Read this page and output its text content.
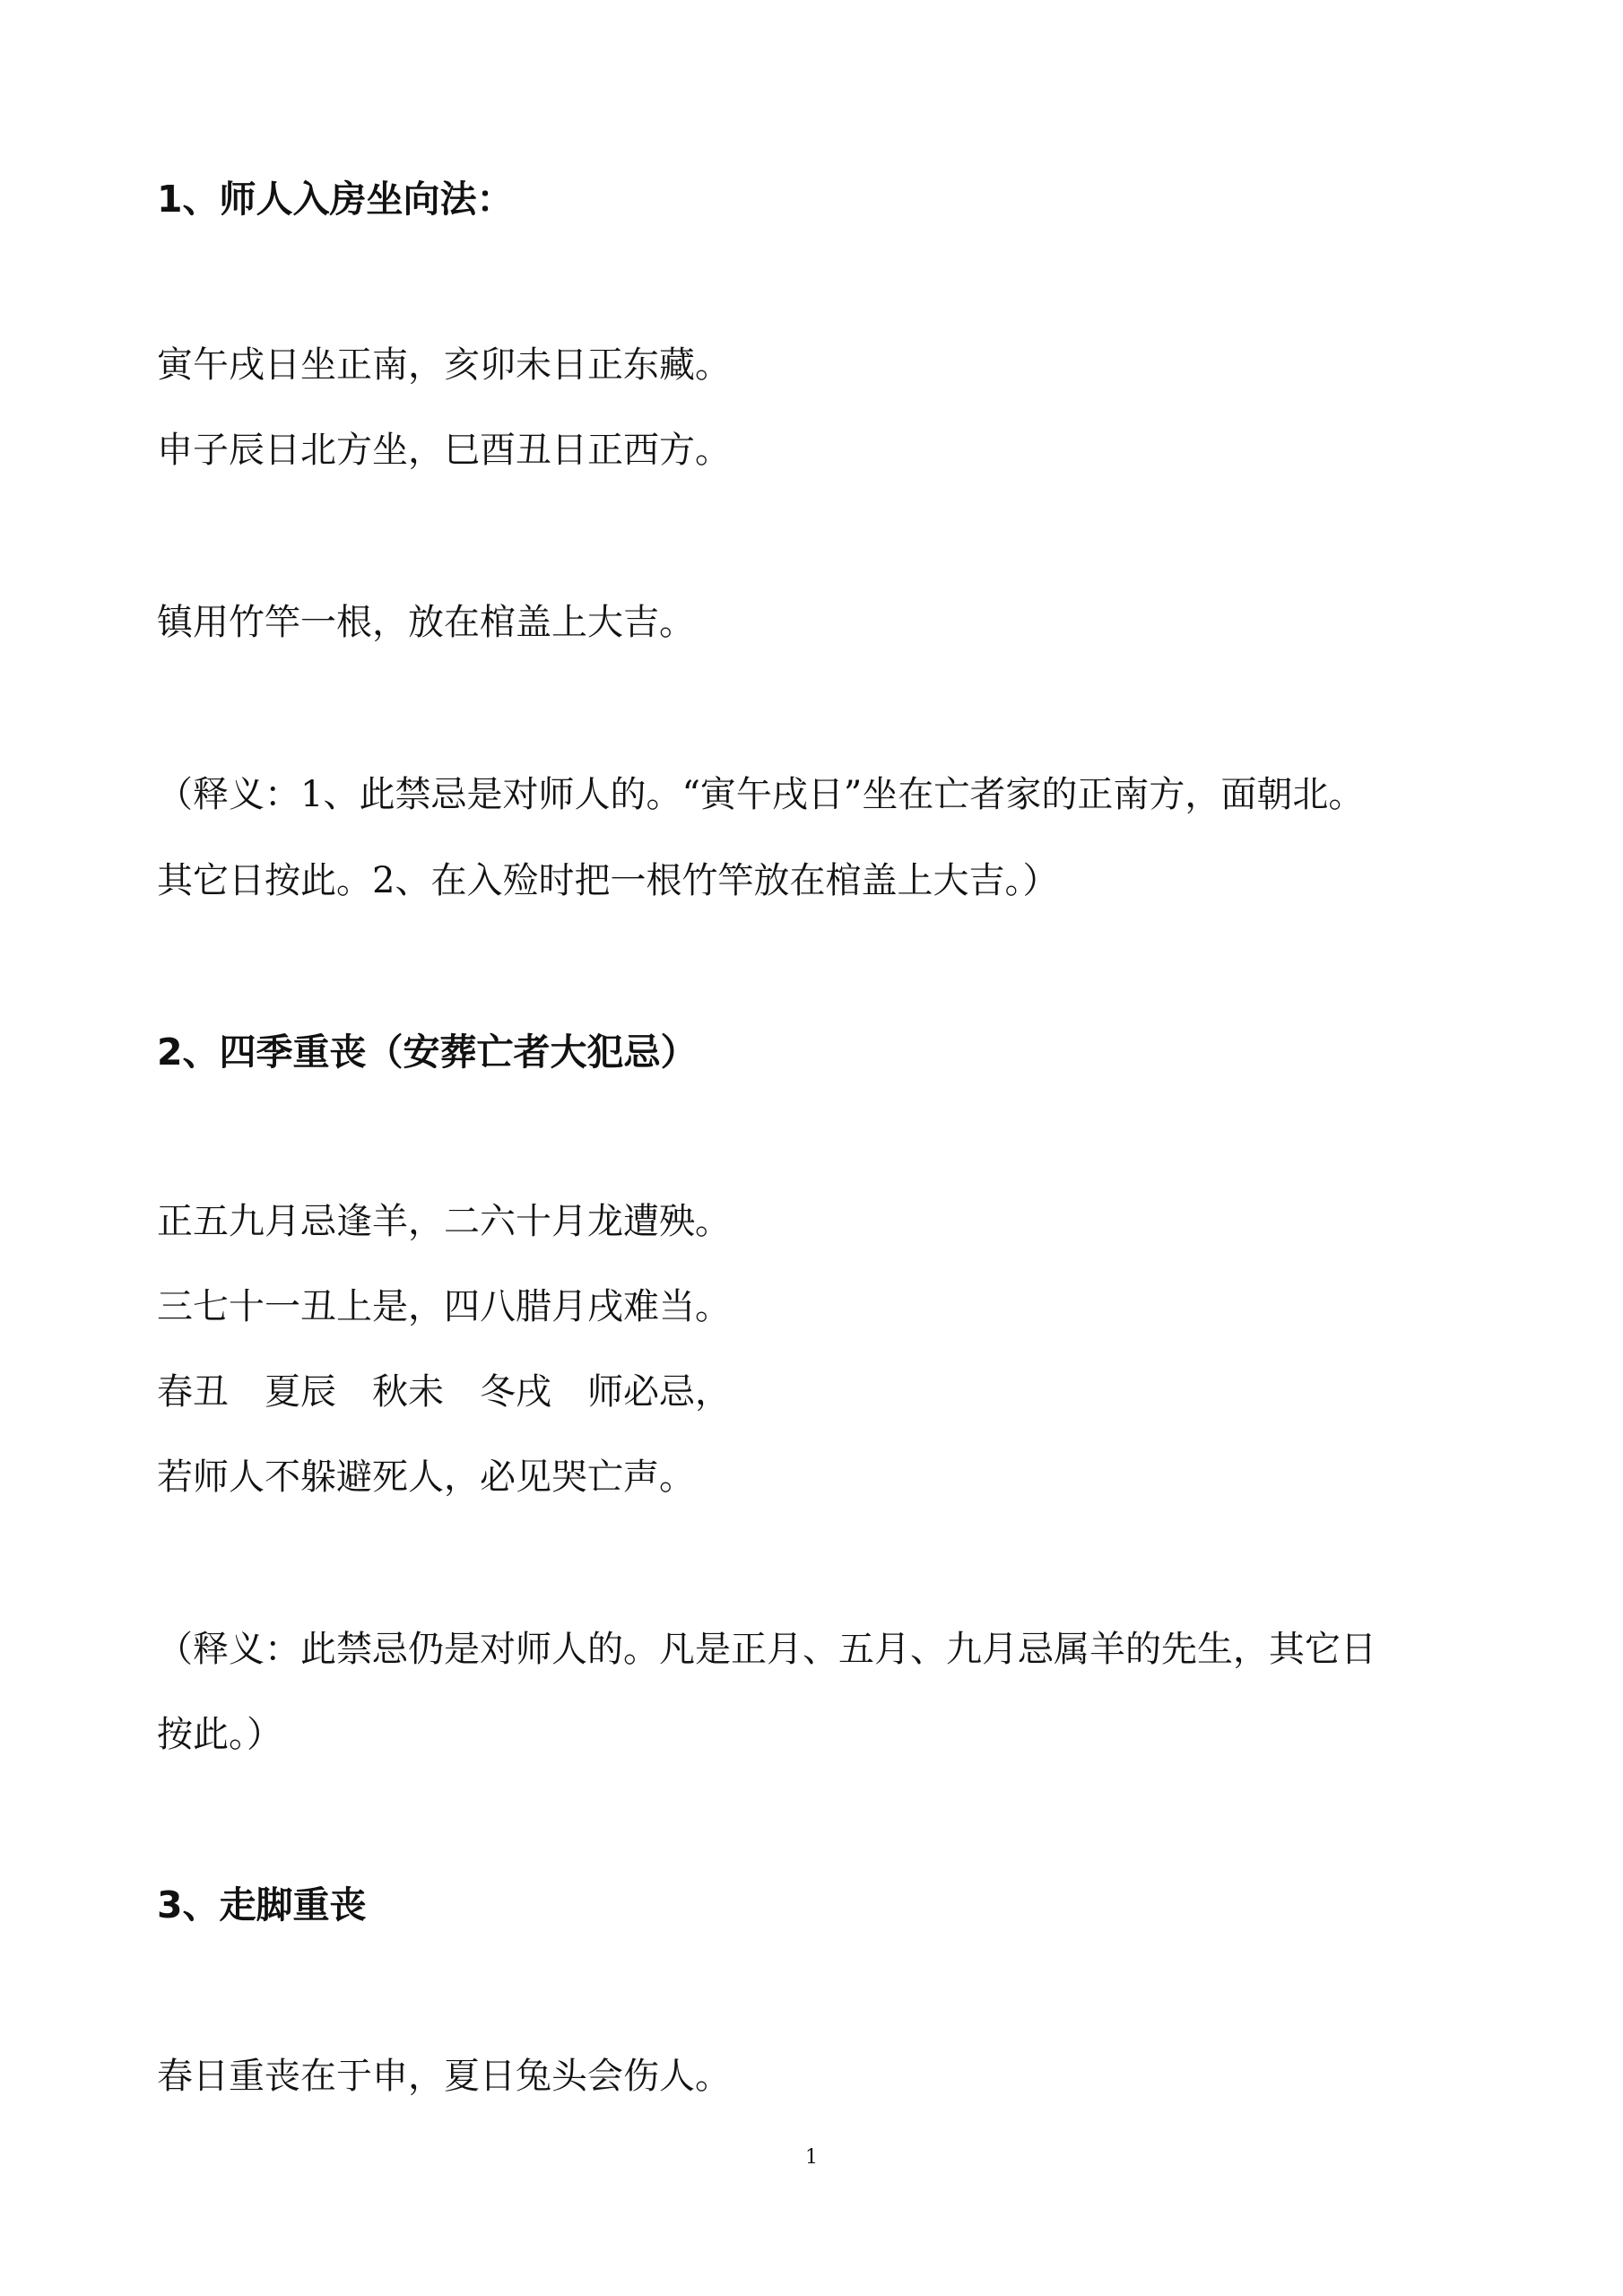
1、师人入房坐向法：
寅午戌日坐正南，亥卯未日正东藏。
申子辰日北方坐，巳酉丑日正西方。
镇用竹竿一根，放在棺盖上大吉。
（释义：1、此禁忌是对师人的。“寅午戌日”坐在亡者家的正南方，面朝北。
其它日按此。2、在入殓时把一根竹竿放在棺盖上大吉。）
2、四季重丧（安葬亡者大犯忌）
正五九月忌逢羊，二六十月龙遭殃。
三七十一丑上是，四八腊月戌难当。
春丑　夏辰　秋未　冬戌　师必忌，
若师人不躲避死人，必见哭亡声。
（释义：此禁忌仍是对师人的。凡是正月、五月、九月忌属羊的先生，其它日
按此。）
3、走脚重丧
春日重丧在于申，夏日兔头会伤人。
1
